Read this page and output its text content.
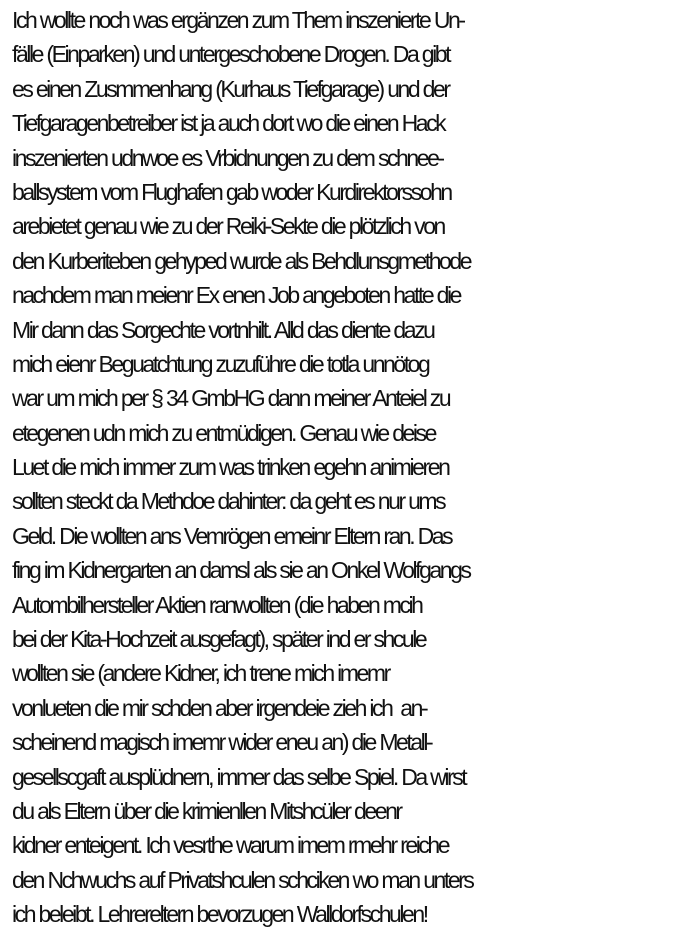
Ich wollte noch was ergänzen zum Them inszenierte Un-
fälle (Einparken) und untergeschobene Drogen. Da gibt
es einen Zusmmenhang (Kurhaus Tiefgarage) und der
Tiefgaragenbetreiber ist ja auch dort wo die einen Hack
inszenierten udnwoe es Vrbidnungen zu dem schnee-
ballsystem vom Flughafen gab woder Kurdirektorssohn
arebietet genau wie zu der Reiki-Sekte die plötzlich von
den Kurberiteben gehyped wurde als Behdlunsgmethode
nachdem man meienr Ex enen Job angeboten hatte die
Mir dann das Sorgechte vortnhilt. Alld das diente dazu
mich eienr Beguatchtung zuzuführe die totla unnötog
war um mich per § 34 GmbHG dann meiner Anteiel zu
etegenen udn mich zu entmüdigen. Genau wie deise
Luet die mich immer zum was trinken egehn animieren
sollten steckt da Methdoe dahinter: da geht es nur ums
Geld. Die wollten ans Vemrögen emeinr Eltern ran. Das
fing im Kidnergarten an damsl als sie an Onkel Wolfgangs
Autombilhersteller Aktien ranwollten (die haben mcih
bei der Kita-Hochzeit ausgefagt), später ind er shcule
wollten sie (andere Kidner, ich trene mich imemr
vonlueten die mir schden aber irgendeie zieh ich  an-
scheinend magisch imemr wider eneu an) die Metall-
gesellscgaft ausplüdnern, immer das selbe Spiel. Da wirst
du als Eltern über die krimienllen Mitshcüler deenr
kidner enteigent. Ich vesrthe warum imem rmehr reiche
den Nchwuchs auf Privatshculen schciken wo man unters
ich beleibt. Lehrereltern bevorzugen Walldorfschulen!
